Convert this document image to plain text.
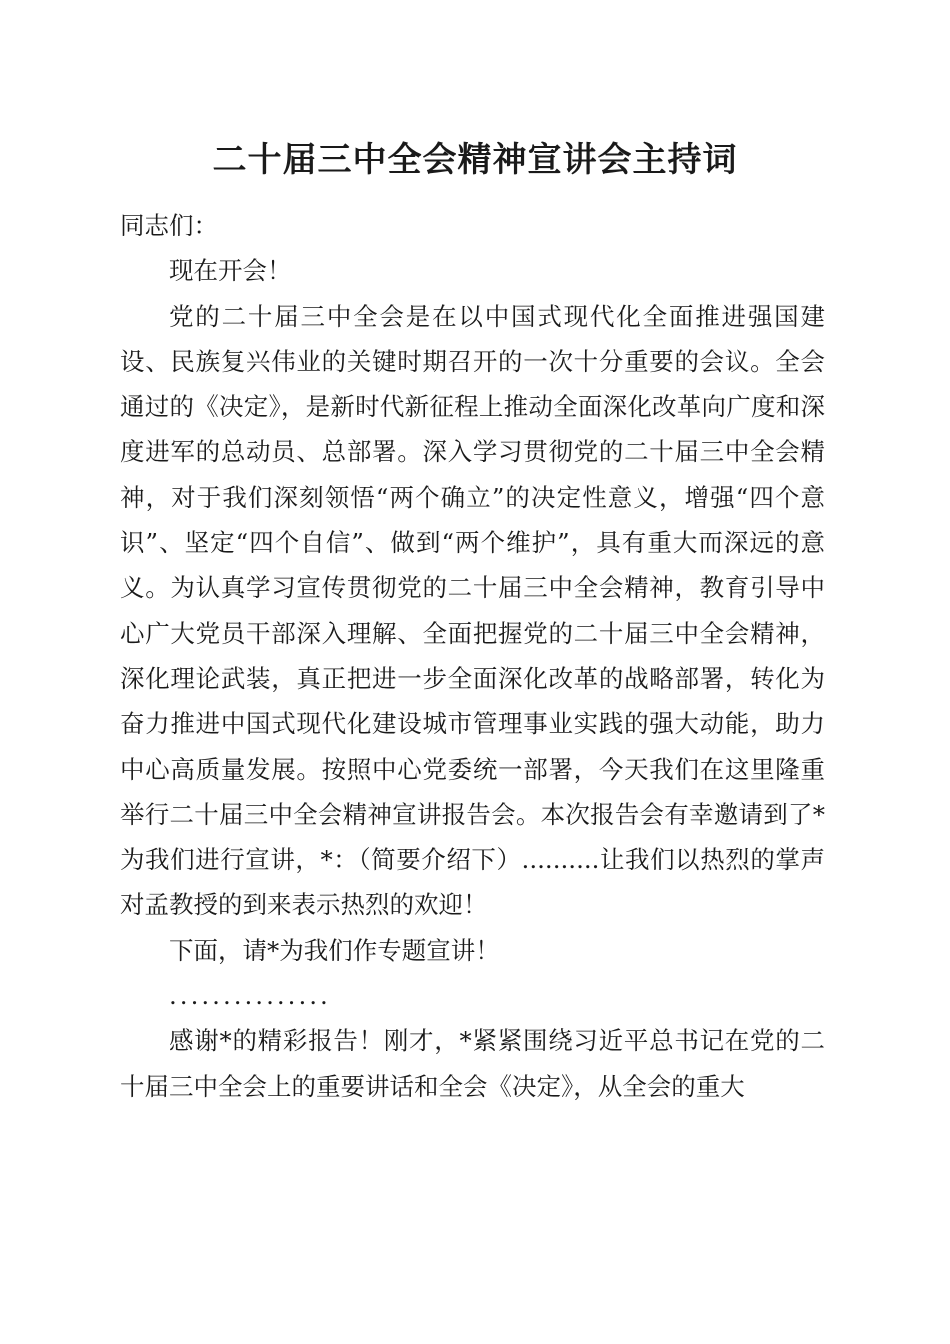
二十届三中全会精神宣讲会主持词

同志们：

现在开会！

党的二十届三中全会是在以中国式现代化全面推进强国建设、民族复兴伟业的关键时期召开的一次十分重要的会议。全会通过的《决定》，是新时代新征程上推动全面深化改革向广度和深度进军的总动员、总部署。深入学习贯彻党的二十届三中全会精神，对于我们深刻领悟“两个确立”的决定性意义，增强“四个意识”、坚定“四个自信”、做到“两个维护”，具有重大而深远的意义。为认真学习宣传贯彻党的二十届三中全会精神，教育引导中心广大党员干部深入理解、全面把握党的二十届三中全会精神，深化理论武装，真正把进一步全面深化改革的战略部署，转化为奋力推进中国式现代化建设城市管理事业实践的强大动能，助力中心高质量发展。按照中心党委统一部署，今天我们在这里隆重举行二十届三中全会精神宣讲报告会。本次报告会有幸邀请到了*为我们进行宣讲，*：（简要介绍下）..........让我们以热烈的掌声对孟教授的到来表示热烈的欢迎！

下面，请*为我们作专题宣讲！

...............

感谢*的精彩报告！刚才，*紧紧围绕习近平总书记在党的二十届三中全会上的重要讲话和全会《决定》，从全会的重大
